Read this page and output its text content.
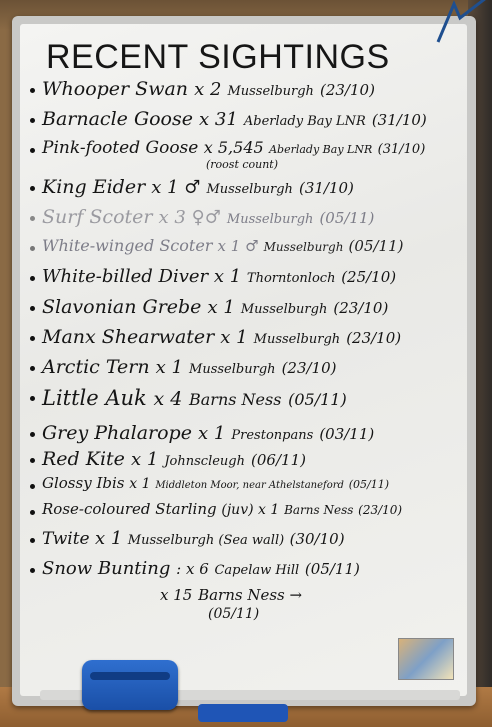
RECENT SIGHTINGS
Whooper Swan x 2 Musselburgh (23/10)
Barnacle Goose x 31 Aberlady Bay LNR (31/10)
Pink-footed Goose x 5,545 Aberlady Bay LNR (31/10)
(roost count)
King Eider x 1 ♂ Musselburgh (31/10)
Surf Scoter x 3 ♀♂ Musselburgh (05/11)
White-winged Scoter x 1 ♂ Musselburgh (05/11)
White-billed Diver x 1 Thorntonloch (25/10)
Slavonian Grebe x 1 Musselburgh (23/10)
Manx Shearwater x 1 Musselburgh (23/10)
Arctic Tern x 1 Musselburgh (23/10)
Little Auk x 4 Barns Ness (05/11)
Grey Phalarope x 1 Prestonpans (03/11)
Red Kite x 1 Johnscleugh (06/11)
Glossy Ibis x 1 Middleton Moor, near Athelstaneford (05/11)
Rose-coloured Starling (juv) x 1 Barns Ness (23/10)
Twite x 1 Musselburgh (Sea wall) (30/10)
Snow Bunting : x 6 Capelaw Hill (05/11)
x 15 Barns Ness →
(05/11)
